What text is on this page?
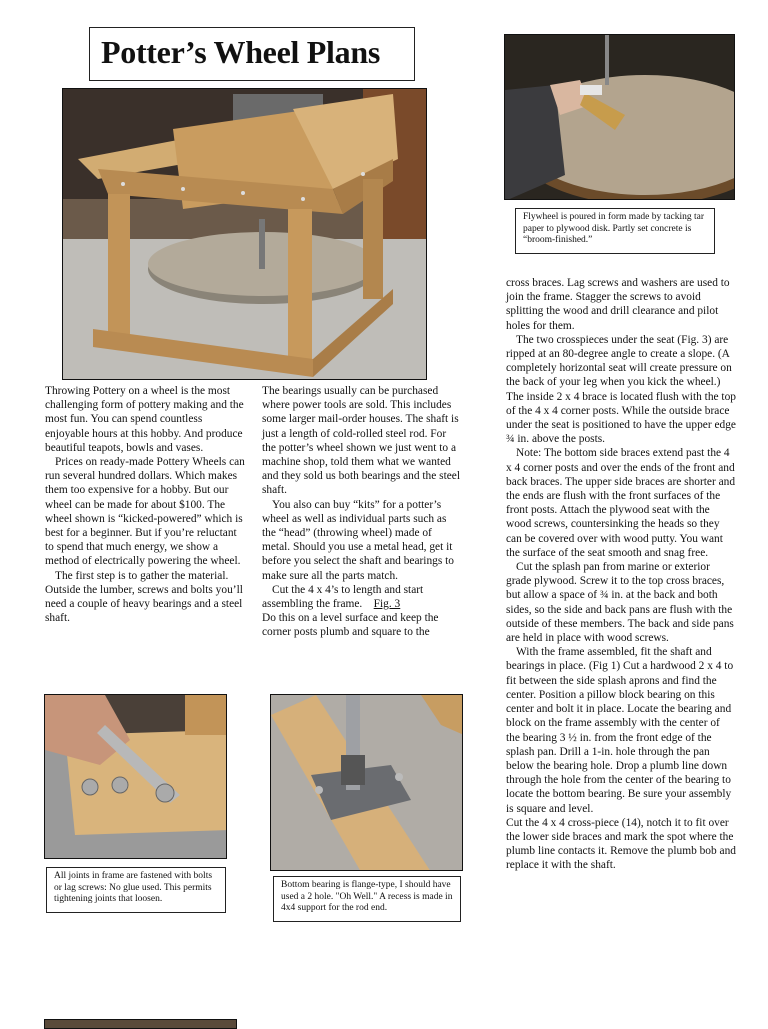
Potter’s Wheel Plans
Flywheel is poured in form made by tacking tar paper to plywood disk. Partly set concrete is “broom-finished.”

Throwing Pottery on a wheel is the most challenging form of pottery making and the most fun. You can spend countless enjoyable hours at this hobby. And produce beautiful teapots, bowls and vases.

Prices on ready-made Pottery Wheels can run several hundred dollars. Which makes them too expensive for a hobby. But our wheel can be made for about $100. The wheel shown is “kicked-powered” which is best for a beginner. But if you’re reluctant to spend that much energy, we show a method of electrically powering the wheel.

The first step is to gather the material. Outside the lumber, screws and bolts you’ll need a couple of heavy bearings and a steel shaft.

The bearings usually can be purchased where power tools are sold. This includes some larger mail-order houses. The shaft is just a length of cold-rolled steel rod. For the potter’s wheel shown we just went to a machine shop, told them what we wanted and they sold us both bearings and the steel shaft.

You also can buy “kits” for a potter’s wheel as well as individual parts such as the “head” (throwing wheel) made of metal. Should you use a metal head, get it before you select the shaft and bearings to make sure all the parts match.

Cut the 4 x 4’s to length and start assembling the frame. Fig. 3

Do this on a level surface and keep the corner posts plumb and square to the

cross braces. Lag screws and washers are used to join the frame. Stagger the screws to avoid splitting the wood and drill clearance and pilot holes for them.

The two crosspieces under the seat (Fig. 3) are ripped at an 80-degree angle to create a slope. (A completely horizontal seat will create pressure on the back of your leg when you kick the wheel.) The inside 2 x 4 brace is located flush with the top of the 4 x 4 corner posts. While the outside brace under the seat is positioned to have the upper edge ¾ in. above the posts.

Note: The bottom side braces extend past the 4 x 4 corner posts and over the ends of the front and back braces. The upper side braces are shorter and the ends are flush with the front surfaces of the front posts. Attach the plywood seat with the wood screws, countersinking the heads so they can be covered over with wood putty. You want the surface of the seat smooth and snag free.

Cut the splash pan from marine or exterior grade plywood. Screw it to the top cross braces, but allow a space of ¾ in. at the back and both sides, so the side and back pans are flush with the outside of these members. The back and side pans are held in place with wood screws.

With the frame assembled, fit the shaft and bearings in place. (Fig 1) Cut a hardwood 2 x 4 to fit between the side splash aprons and find the center. Position a pillow block bearing on this center and bolt it in place. Locate the bearing and block on the frame assembly with the center of the bearing 3 ½ in. from the front edge of the splash pan. Drill a 1-in. hole through the pan below the bearing hole. Drop a plumb line down through the hole from the center of the bearing to locate the bottom bearing. Be sure your assembly is square and level.

Cut the 4 x 4 cross-piece (14), notch it to fit over the lower side braces and mark the spot where the plumb line contacts it. Remove the plumb bob and replace it with the shaft.

All joints in frame are fastened with bolts or lag screws: No glue used. This permits tightening joints that loosen.
Bottom bearing is flange-type, I should have used a 2 hole. "Oh Well." A recess is made in 4x4 support for the rod end.
